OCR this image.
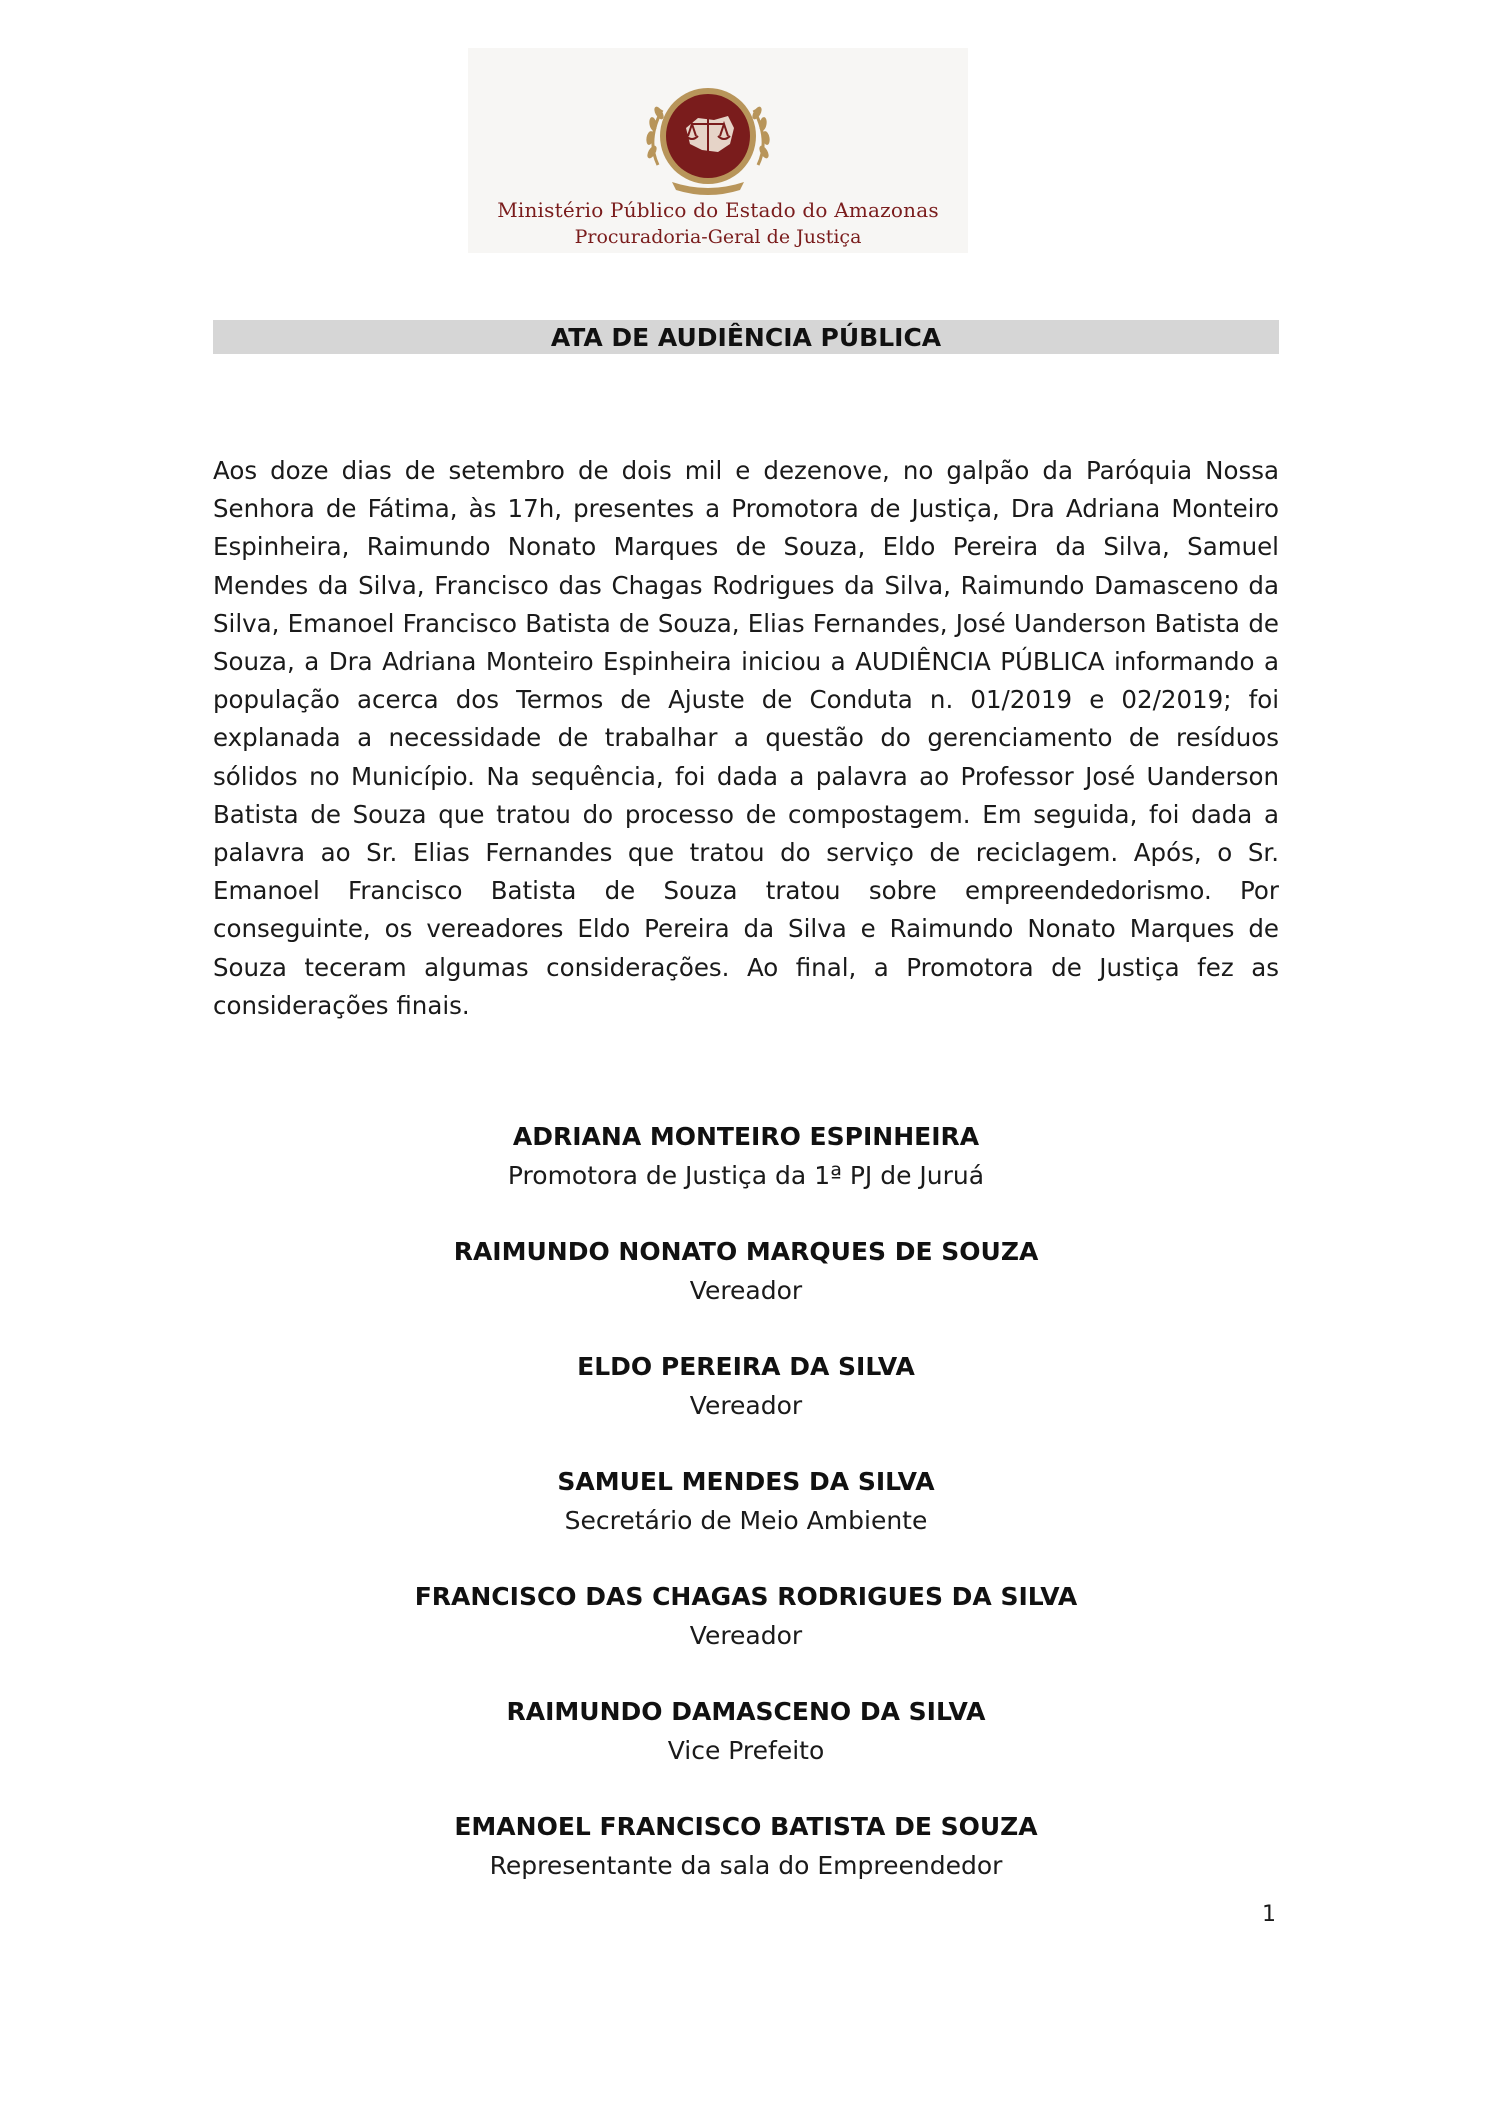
Ministério Público do Estado do Amazonas
Procuradoria-Geral de Justiça
ATA DE AUDIÊNCIA PÚBLICA

Aos doze dias de setembro de dois mil e dezenove, no galpão da Paróquia Nossa Senhora de Fátima, às 17h, presentes a Promotora de Justiça, Dra Adriana Monteiro Espinheira, Raimundo Nonato Marques de Souza, Eldo Pereira da Silva, Samuel Mendes da Silva, Francisco das Chagas Rodrigues da Silva, Raimundo Damasceno da Silva, Emanoel Francisco Batista de Souza, Elias Fernandes, José Uanderson Batista de Souza, a Dra Adriana Monteiro Espinheira iniciou a AUDIÊNCIA PÚBLICA informando a população acerca dos Termos de Ajuste de Conduta n. 01/2019 e 02/2019; foi explanada a necessidade de trabalhar a questão do gerenciamento de resíduos sólidos no Município. Na sequência, foi dada a palavra ao Professor José Uanderson Batista de Souza que tratou do processo de compostagem. Em seguida, foi dada a palavra ao Sr. Elias Fernandes que tratou do serviço de reciclagem. Após, o Sr. Emanoel Francisco Batista de Souza tratou sobre empreendedorismo. Por conseguinte, os vereadores Eldo Pereira da Silva e Raimundo Nonato Marques de Souza teceram algumas considerações. Ao final, a Promotora de Justiça fez as considerações finais.

ADRIANA MONTEIRO ESPINHEIRA
Promotora de Justiça da 1ª PJ de Juruá
RAIMUNDO NONATO MARQUES DE SOUZA
Vereador
ELDO PEREIRA DA SILVA
Vereador
SAMUEL MENDES DA SILVA
Secretário de Meio Ambiente
FRANCISCO DAS CHAGAS RODRIGUES DA SILVA
Vereador
RAIMUNDO DAMASCENO DA SILVA
Vice Prefeito
EMANOEL FRANCISCO BATISTA DE SOUZA
Representante da sala do Empreendedor
1
